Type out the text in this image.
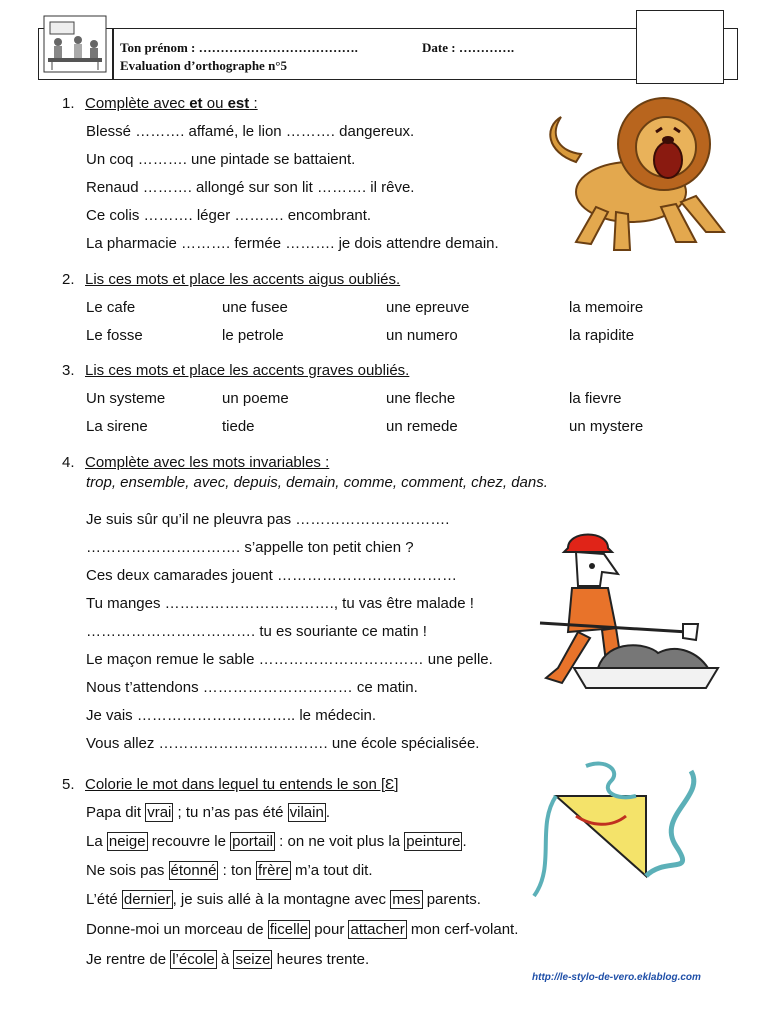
Ton prénom : ……………………………….	Date : ………….
Evaluation d’orthographe n°5
1. Complète avec et ou est :
Blessé ………. affamé, le lion ………. dangereux.
Un coq ………. une pintade se battaient.
Renaud ………. allongé sur son lit ………. il rêve.
Ce colis ………. léger ………. encombrant.
La pharmacie ………. fermée ………. je dois attendre demain.
2. Lis ces mots et place les accents aigus oubliés.
Le cafe	une fusee	une epreuve	la memoire
Le fosse	le petrole	un numero	la rapidite
3. Lis ces mots et place les accents graves oubliés.
Un systeme	un poeme	une fleche	la fievre
La sirene	tiede	un remede	un mystere
4. Complète avec les mots invariables :
trop, ensemble, avec, depuis, demain, comme, comment, chez, dans.
Je suis sûr qu’il ne pleuvra pas ………………………….
…………………………. s’appelle ton petit chien ?
Ces deux camarades jouent ………………………………
Tu manges ……………………………., tu vas être malade !
……………………………. tu es souriante ce matin !
Le maçon remue le sable …………………………… une pelle.
Nous t’attendons ………………………… ce matin.
Je vais ………………………….. le médecin.
Vous allez ……………………………. une école spécialisée.
5. Colorie le mot dans lequel tu entends le son [Ɛ]
Papa dit vrai ; tu n’as pas été vilain .
La neige recouvre le portail : on ne voit plus la peinture .
Ne sois pas étonné : ton frère m’a tout dit.
L’été dernier , je suis allé à la montagne avec mes parents.
Donne-moi un morceau de ficelle pour attacher mon cerf-volant.
Je rentre de l’école à seize heures trente.
http://le-stylo-de-vero.eklablog.com
